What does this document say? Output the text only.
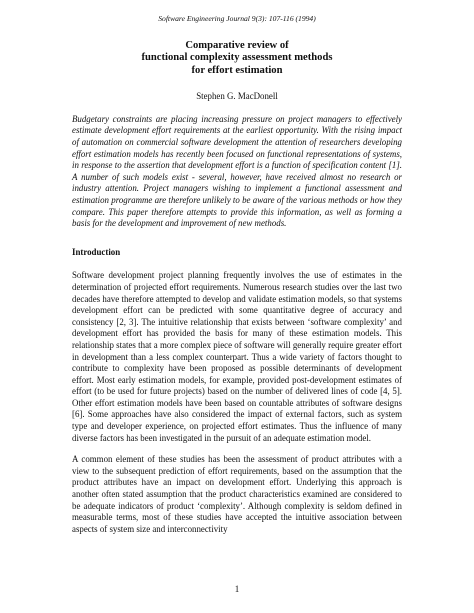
Software Engineering Journal 9(3): 107-116 (1994)
Comparative review of
functional complexity assessment methods
for effort estimation
Stephen G. MacDonell

Budgetary constraints are placing increasing pressure on project managers to effectively estimate development effort requirements at the earliest opportunity. With the rising impact of automation on commercial software development the attention of researchers developing effort estimation models has recently been focused on functional representations of systems, in response to the assertion that development effort is a function of specification content [1]. A number of such models exist - several, however, have received almost no research or industry attention. Project managers wishing to implement a functional assessment and estimation programme are therefore unlikely to be aware of the various methods or how they compare. This paper therefore attempts to provide this information, as well as forming a basis for the development and improvement of new methods.

Introduction

Software development project planning frequently involves the use of estimates in the determination of projected effort requirements. Numerous research studies over the last two decades have therefore attempted to develop and validate estimation models, so that systems development effort can be predicted with some quantitative degree of accuracy and consistency [2, 3]. The intuitive relationship that exists between ‘software complexity’ and development effort has provided the basis for many of these estimation models. This relationship states that a more complex piece of software will generally require greater effort in development than a less complex counterpart. Thus a wide variety of factors thought to contribute to complexity have been proposed as possible determinants of development effort. Most early estimation models, for example, provided post-development estimates of effort (to be used for future projects) based on the number of delivered lines of code [4, 5]. Other effort estimation models have been based on countable attributes of software designs [6]. Some approaches have also considered the impact of external factors, such as system type and developer experience, on projected effort estimates. Thus the influence of many diverse factors has been investigated in the pursuit of an adequate estimation model.

A common element of these studies has been the assessment of product attributes with a view to the subsequent prediction of effort requirements, based on the assumption that the product attributes have an impact on development effort. Underlying this approach is another often stated assumption that the product characteristics examined are considered to be adequate indicators of product ‘complexity’. Although complexity is seldom defined in measurable terms, most of these studies have accepted the intuitive association between aspects of system size and interconnectivity

1
